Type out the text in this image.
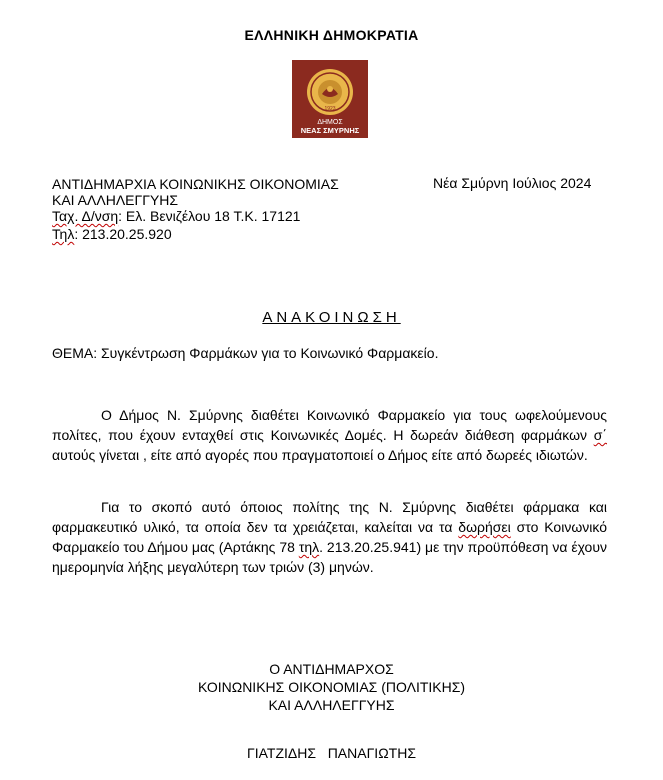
ΕΛΛΗΝΙΚΗ ΔΗΜΟΚΡΑΤΙΑ
1923
ΔΗΜΟΣ
ΝΕΑΣ ΣΜΥΡΝΗΣ
ΑΝΤΙΔΗΜΑΡΧΙΑ ΚΟΙΝΩΝΙΚΗΣ ΟΙΚΟΝΟΜΙΑΣ
ΚΑΙ ΑΛΛΗΛΕΓΓΥΗΣ
Ταχ. Δ/νση: Ελ. Βενιζέλου 18 Τ.Κ. 17121
Τηλ: 213.20.25.920
Νέα Σμύρνη Ιούλιος 2024
ΑΝΑΚΟΙΝΩΣΗ
ΘΕΜΑ: Συγκέντρωση Φαρμάκων για το Κοινωνικό Φαρμακείο.

Ο Δήμος Ν. Σμύρνης διαθέτει Κοινωνικό Φαρμακείο για τους ωφελούμενους πολίτες, που έχουν ενταχθεί στις Κοινωνικές Δομές. Η δωρεάν διάθεση φαρμάκων σ΄ αυτούς γίνεται , είτε από αγορές που πραγματοποιεί ο Δήμος είτε από δωρεές ιδιωτών.

Για το σκοπό αυτό όποιος πολίτης της Ν. Σμύρνης διαθέτει φάρμακα και φαρμακευτικό υλικό, τα οποία δεν τα χρειάζεται, καλείται να τα δωρήσει στο Κοινωνικό Φαρμακείο του Δήμου μας (Αρτάκης 78 τηλ. 213.20.25.941) με την προϋπόθεση να έχουν ημερομηνία λήξης μεγαλύτερη των τριών (3) μηνών.

Ο ΑΝΤΙΔΗΜΑΡΧΟΣ
ΚΟΙΝΩΝΙΚΗΣ ΟΙΚΟΝΟΜΙΑΣ (ΠΟΛΙΤΙΚΗΣ)
ΚΑΙ ΑΛΛΗΛΕΓΓΥΗΣ
ΓΙΑΤΖΙΔΗΣ   ΠΑΝΑΓΙΩΤΗΣ
